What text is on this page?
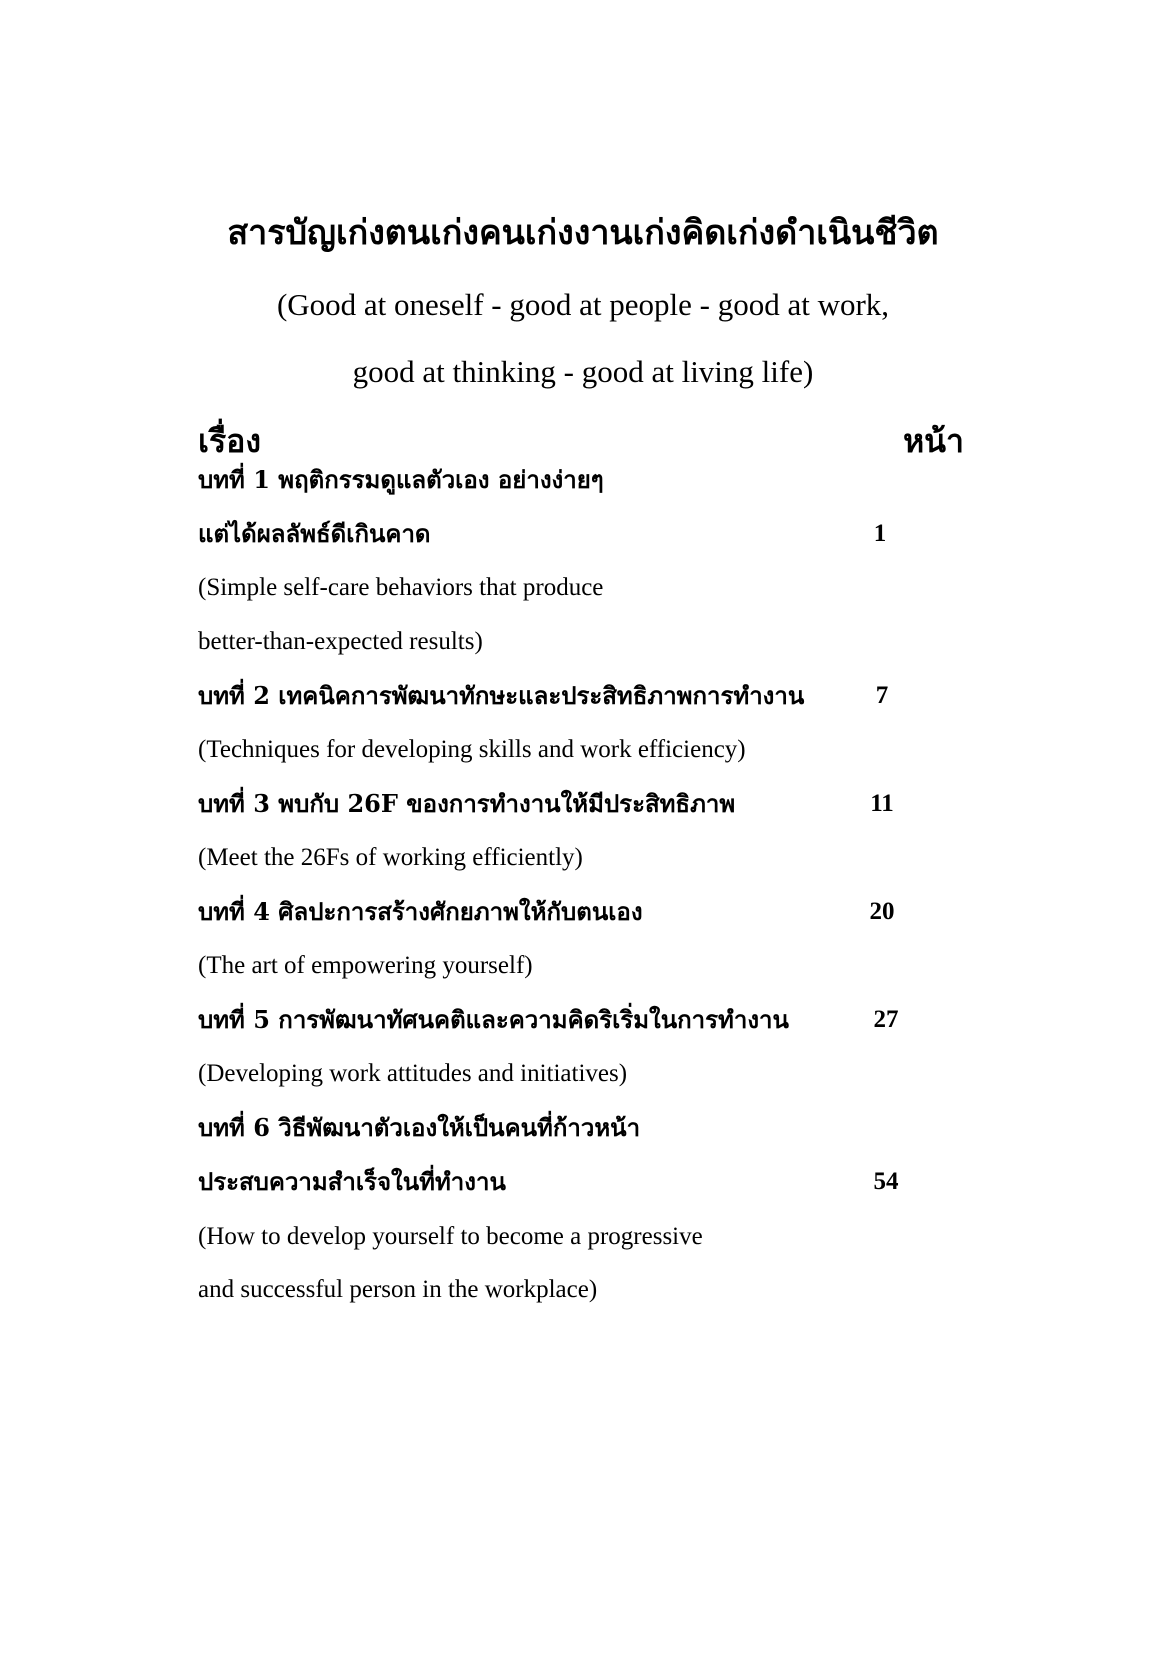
สารบัญเก่งตนเก่งคนเก่งงานเก่งคิดเก่งดำเนินชีวิต
(Good at oneself - good at people - good at work,
good at thinking - good at living life)
เรื่อง	หน้า
บทที่ 1 พฤติกรรมดูแลตัวเอง อย่างง่ายๆ
แต่ได้ผลลัพธ์ดีเกินคาด	1
(Simple self-care behaviors that produce
better-than-expected results)
บทที่ 2 เทคนิคการพัฒนาทักษะและประสิทธิภาพการทำงาน	7
(Techniques for developing skills and work efficiency)
บทที่ 3 พบกับ 26F ของการทำงานให้มีประสิทธิภาพ	11
(Meet the 26Fs of working efficiently)
บทที่ 4 ศิลปะการสร้างศักยภาพให้กับตนเอง	20
(The art of empowering yourself)
บทที่ 5 การพัฒนาทัศนคติและความคิดริเริ่มในการทำงาน	27
(Developing work attitudes and initiatives)
บทที่ 6 วิธีพัฒนาตัวเองให้เป็นคนที่ก้าวหน้า
ประสบความสำเร็จในที่ทำงาน	54
(How to develop yourself to become a progressive
and successful person in the workplace)
